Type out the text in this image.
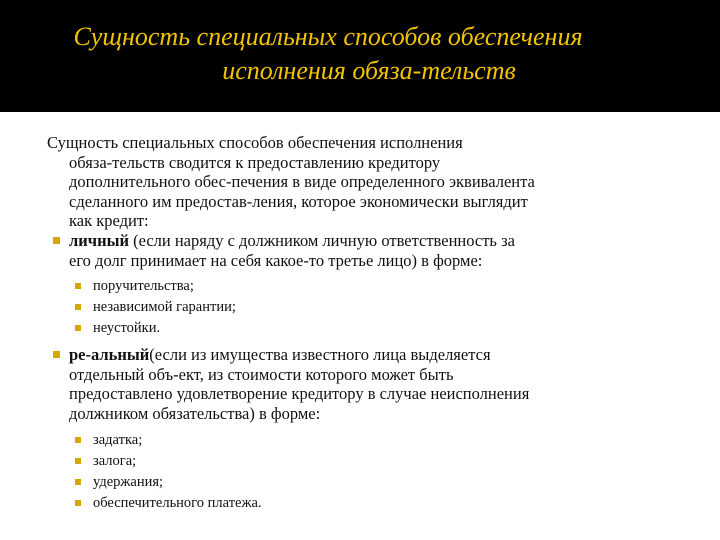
Сущность специальных способов обеспечения
исполнения обяза-тельств

Сущность специальных способов обеспечения исполнения
обяза-тельств сводится к предоставлению кредитору
дополнительного обес-печения в виде определенного эквивалента
сделанного им предостав-ления, которое экономически выглядит
как кредит:

личный (если наряду с должником личную ответственность за
его долг принимает на себя какое-то третье лицо) в форме:
поручительства;
независимой гарантии;
неустойки.
ре-альный(если из имущества известного лица выделяется
отдельный объ-ект, из стоимости которого может быть
предоставлено удовлетворение кредитору в случае неисполнения
должником обязательства) в форме:
задатка;
залога;
удержания;
обеспечительного платежа.
